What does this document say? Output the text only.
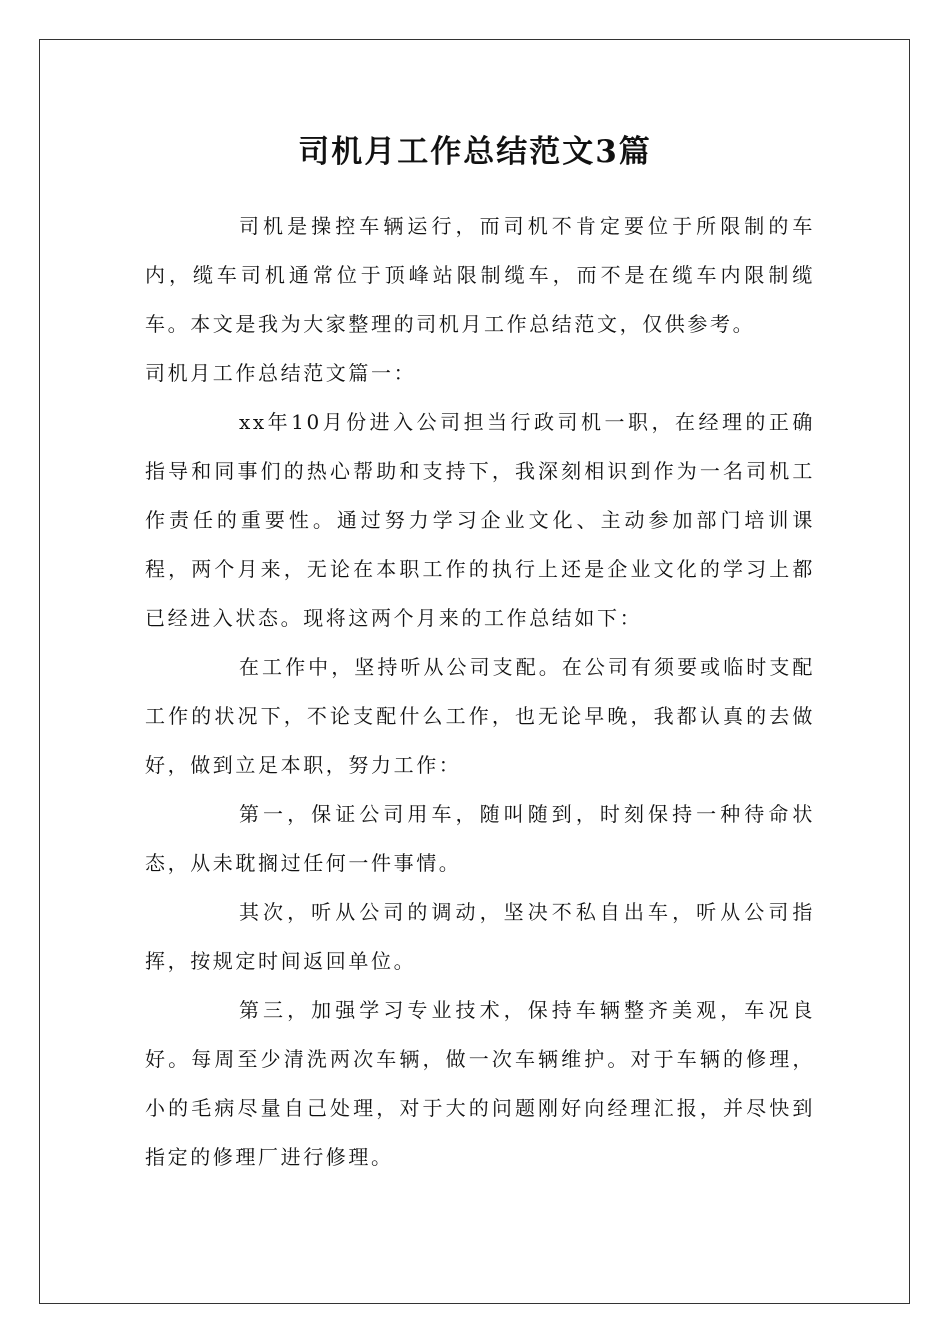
司机月工作总结范文3篇

司机是操控车辆运行，而司机不肯定要位于所限制的车内，缆车司机通常位于顶峰站限制缆车，而不是在缆车内限制缆车。本文是我为大家整理的司机月工作总结范文，仅供参考。

司机月工作总结范文篇一：

xx年10月份进入公司担当行政司机一职，在经理的正确指导和同事们的热心帮助和支持下，我深刻相识到作为一名司机工作责任的重要性。通过努力学习企业文化、主动参加部门培训课程，两个月来，无论在本职工作的执行上还是企业文化的学习上都已经进入状态。现将这两个月来的工作总结如下：

在工作中，坚持听从公司支配。在公司有须要或临时支配工作的状况下，不论支配什么工作，也无论早晚，我都认真的去做好，做到立足本职，努力工作：

第一，保证公司用车，随叫随到，时刻保持一种待命状态，从未耽搁过任何一件事情。

其次，听从公司的调动，坚决不私自出车，听从公司指挥，按规定时间返回单位。

第三，加强学习专业技术，保持车辆整齐美观，车况良好。每周至少清洗两次车辆，做一次车辆维护。对于车辆的修理，小的毛病尽量自己处理，对于大的问题刚好向经理汇报，并尽快到指定的修理厂进行修理。
